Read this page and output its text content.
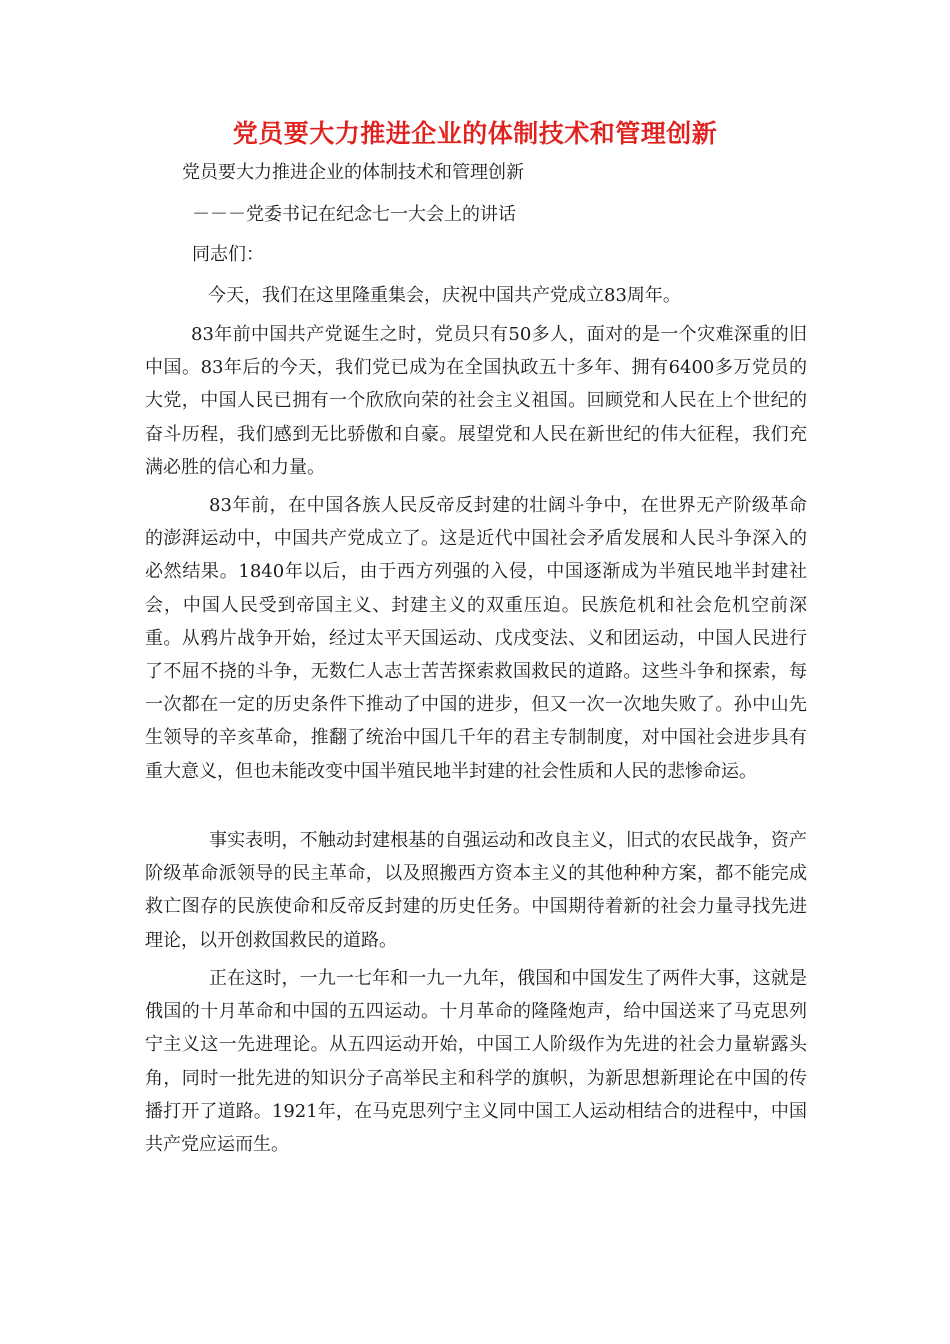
党员要大力推进企业的体制技术和管理创新

党员要大力推进企业的体制技术和管理创新

－－－党委书记在纪念七一大会上的讲话

同志们：

今天，我们在这里隆重集会，庆祝中国共产党成立83周年。

83年前中国共产党诞生之时，党员只有50多人，面对的是一个灾难深重的旧中国。83年后的今天，我们党已成为在全国执政五十多年、拥有6400多万党员的大党，中国人民已拥有一个欣欣向荣的社会主义祖国。回顾党和人民在上个世纪的奋斗历程，我们感到无比骄傲和自豪。展望党和人民在新世纪的伟大征程，我们充满必胜的信心和力量。

83年前，在中国各族人民反帝反封建的壮阔斗争中，在世界无产阶级革命的澎湃运动中，中国共产党成立了。这是近代中国社会矛盾发展和人民斗争深入的必然结果。1840年以后，由于西方列强的入侵，中国逐渐成为半殖民地半封建社会，中国人民受到帝国主义、封建主义的双重压迫。民族危机和社会危机空前深重。从鸦片战争开始，经过太平天国运动、戊戌变法、义和团运动，中国人民进行了不屈不挠的斗争，无数仁人志士苦苦探索救国救民的道路。这些斗争和探索，每一次都在一定的历史条件下推动了中国的进步，但又一次一次地失败了。孙中山先生领导的辛亥革命，推翻了统治中国几千年的君主专制制度，对中国社会进步具有重大意义，但也未能改变中国半殖民地半封建的社会性质和人民的悲惨命运。

事实表明，不触动封建根基的自强运动和改良主义，旧式的农民战争，资产阶级革命派领导的民主革命，以及照搬西方资本主义的其他种种方案，都不能完成救亡图存的民族使命和反帝反封建的历史任务。中国期待着新的社会力量寻找先进理论，以开创救国救民的道路。

正在这时，一九一七年和一九一九年，俄国和中国发生了两件大事，这就是俄国的十月革命和中国的五四运动。十月革命的隆隆炮声，给中国送来了马克思列宁主义这一先进理论。从五四运动开始，中国工人阶级作为先进的社会力量崭露头角，同时一批先进的知识分子高举民主和科学的旗帜，为新思想新理论在中国的传播打开了道路。1921年，在马克思列宁主义同中国工人运动相结合的进程中，中国共产党应运而生。
